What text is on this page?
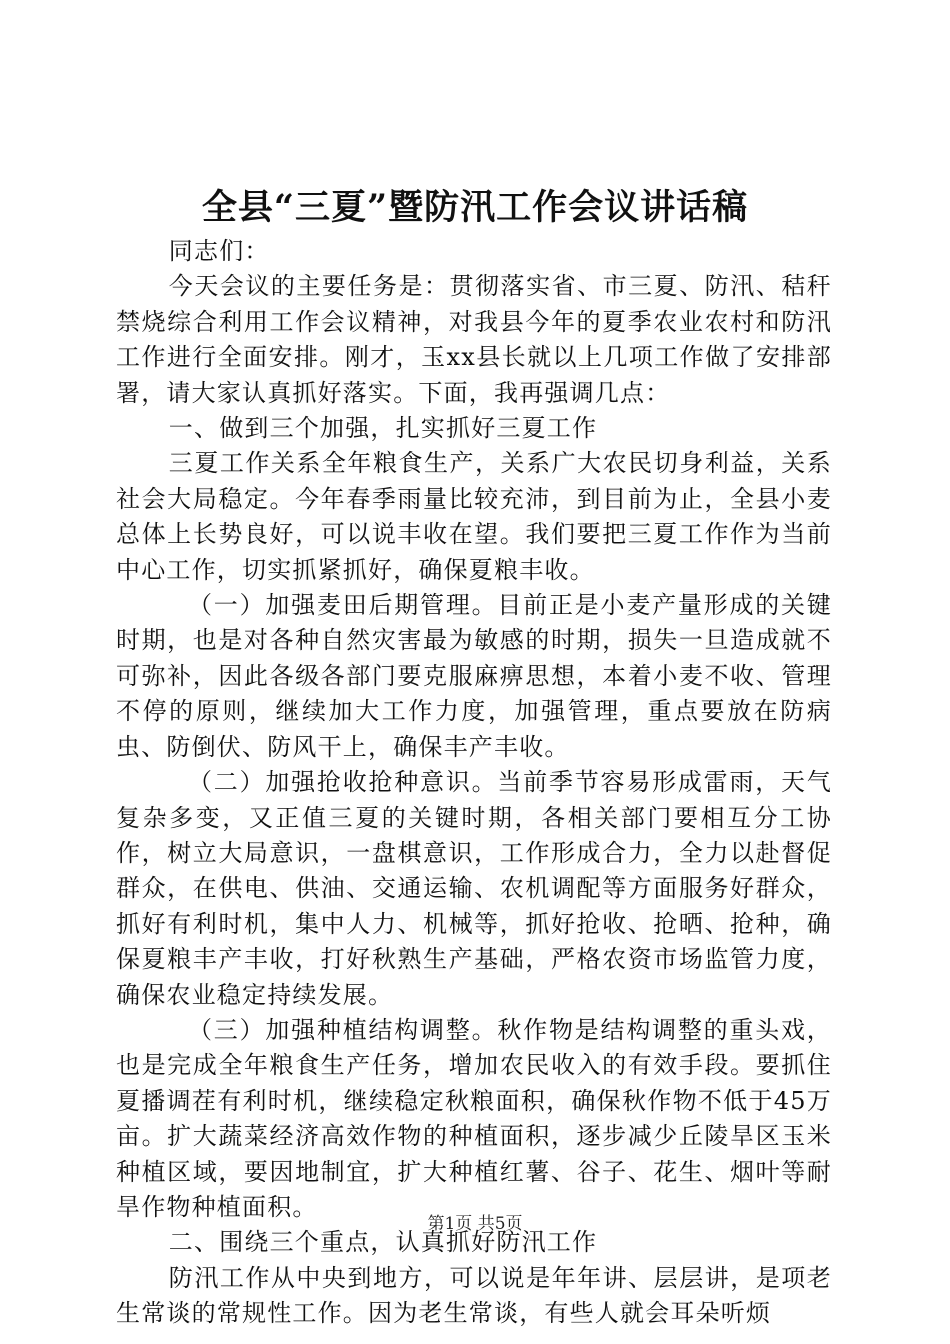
全县“三夏”暨防汛工作会议讲话稿

同志们：

今天会议的主要任务是：贯彻落实省、市三夏、防汛、秸秆禁烧综合利用工作会议精神，对我县今年的夏季农业农村和防汛工作进行全面安排。刚才，玉xx县长就以上几项工作做了安排部署，请大家认真抓好落实。下面，我再强调几点：

一、做到三个加强，扎实抓好三夏工作

三夏工作关系全年粮食生产，关系广大农民切身利益，关系社会大局稳定。今年春季雨量比较充沛，到目前为止，全县小麦总体上长势良好，可以说丰收在望。我们要把三夏工作作为当前中心工作，切实抓紧抓好，确保夏粮丰收。

（一）加强麦田后期管理。目前正是小麦产量形成的关键时期，也是对各种自然灾害最为敏感的时期，损失一旦造成就不可弥补，因此各级各部门要克服麻痹思想，本着小麦不收、管理不停的原则，继续加大工作力度，加强管理，重点要放在防病虫、防倒伏、防风干上，确保丰产丰收。

（二）加强抢收抢种意识。当前季节容易形成雷雨，天气复杂多变，又正值三夏的关键时期，各相关部门要相互分工协作，树立大局意识，一盘棋意识，工作形成合力，全力以赴督促群众，在供电、供油、交通运输、农机调配等方面服务好群众，抓好有利时机，集中人力、机械等，抓好抢收、抢晒、抢种，确保夏粮丰产丰收，打好秋熟生产基础，严格农资市场监管力度，确保农业稳定持续发展。

（三）加强种植结构调整。秋作物是结构调整的重头戏，也是完成全年粮食生产任务，增加农民收入的有效手段。要抓住夏播调茬有利时机，继续稳定秋粮面积，确保秋作物不低于45万亩。扩大蔬菜经济高效作物的种植面积，逐步减少丘陵旱区玉米种植区域，要因地制宜，扩大种植红薯、谷子、花生、烟叶等耐旱作物种植面积。

二、围绕三个重点，认真抓好防汛工作

防汛工作从中央到地方，可以说是年年讲、层层讲，是项老生常谈的常规性工作。因为老生常谈，有些人就会耳朵听烦

第1页 共5页
